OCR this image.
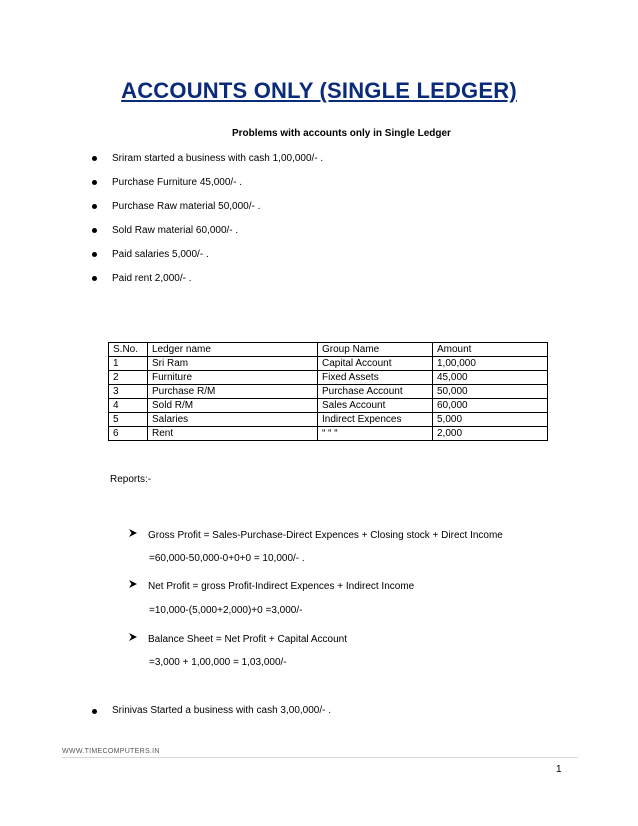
ACCOUNTS ONLY (SINGLE LEDGER)
Problems with accounts only in Single Ledger
Sriram started a business with cash 1,00,000/- .
Purchase Furniture 45,000/- .
Purchase Raw material 50,000/- .
Sold Raw material 60,000/- .
Paid salaries 5,000/- .
Paid rent 2,000/- .
S.No.	Ledger name	Group Name	Amount
1	Sri Ram	Capital Account	1,00,000
2	Furniture	Fixed Assets	45,000
3	Purchase R/M	Purchase Account	50,000
4	Sold R/M	Sales Account	60,000
5	Salaries	Indirect Expences	5,000
6	Rent	“ “ “	2,000
Reports:-
Gross Profit = Sales-Purchase-Direct Expences + Closing stock + Direct Income
=60,000-50,000-0+0+0 = 10,000/- .
Net Profit = gross Profit-Indirect Expences + Indirect Income
=10,000-(5,000+2,000)+0 =3,000/-
Balance Sheet = Net Profit + Capital Account
=3,000 + 1,00,000 = 1,03,000/-
Srinivas Started a business with cash 3,00,000/- .
WWW.TIMECOMPUTERS.IN
1
